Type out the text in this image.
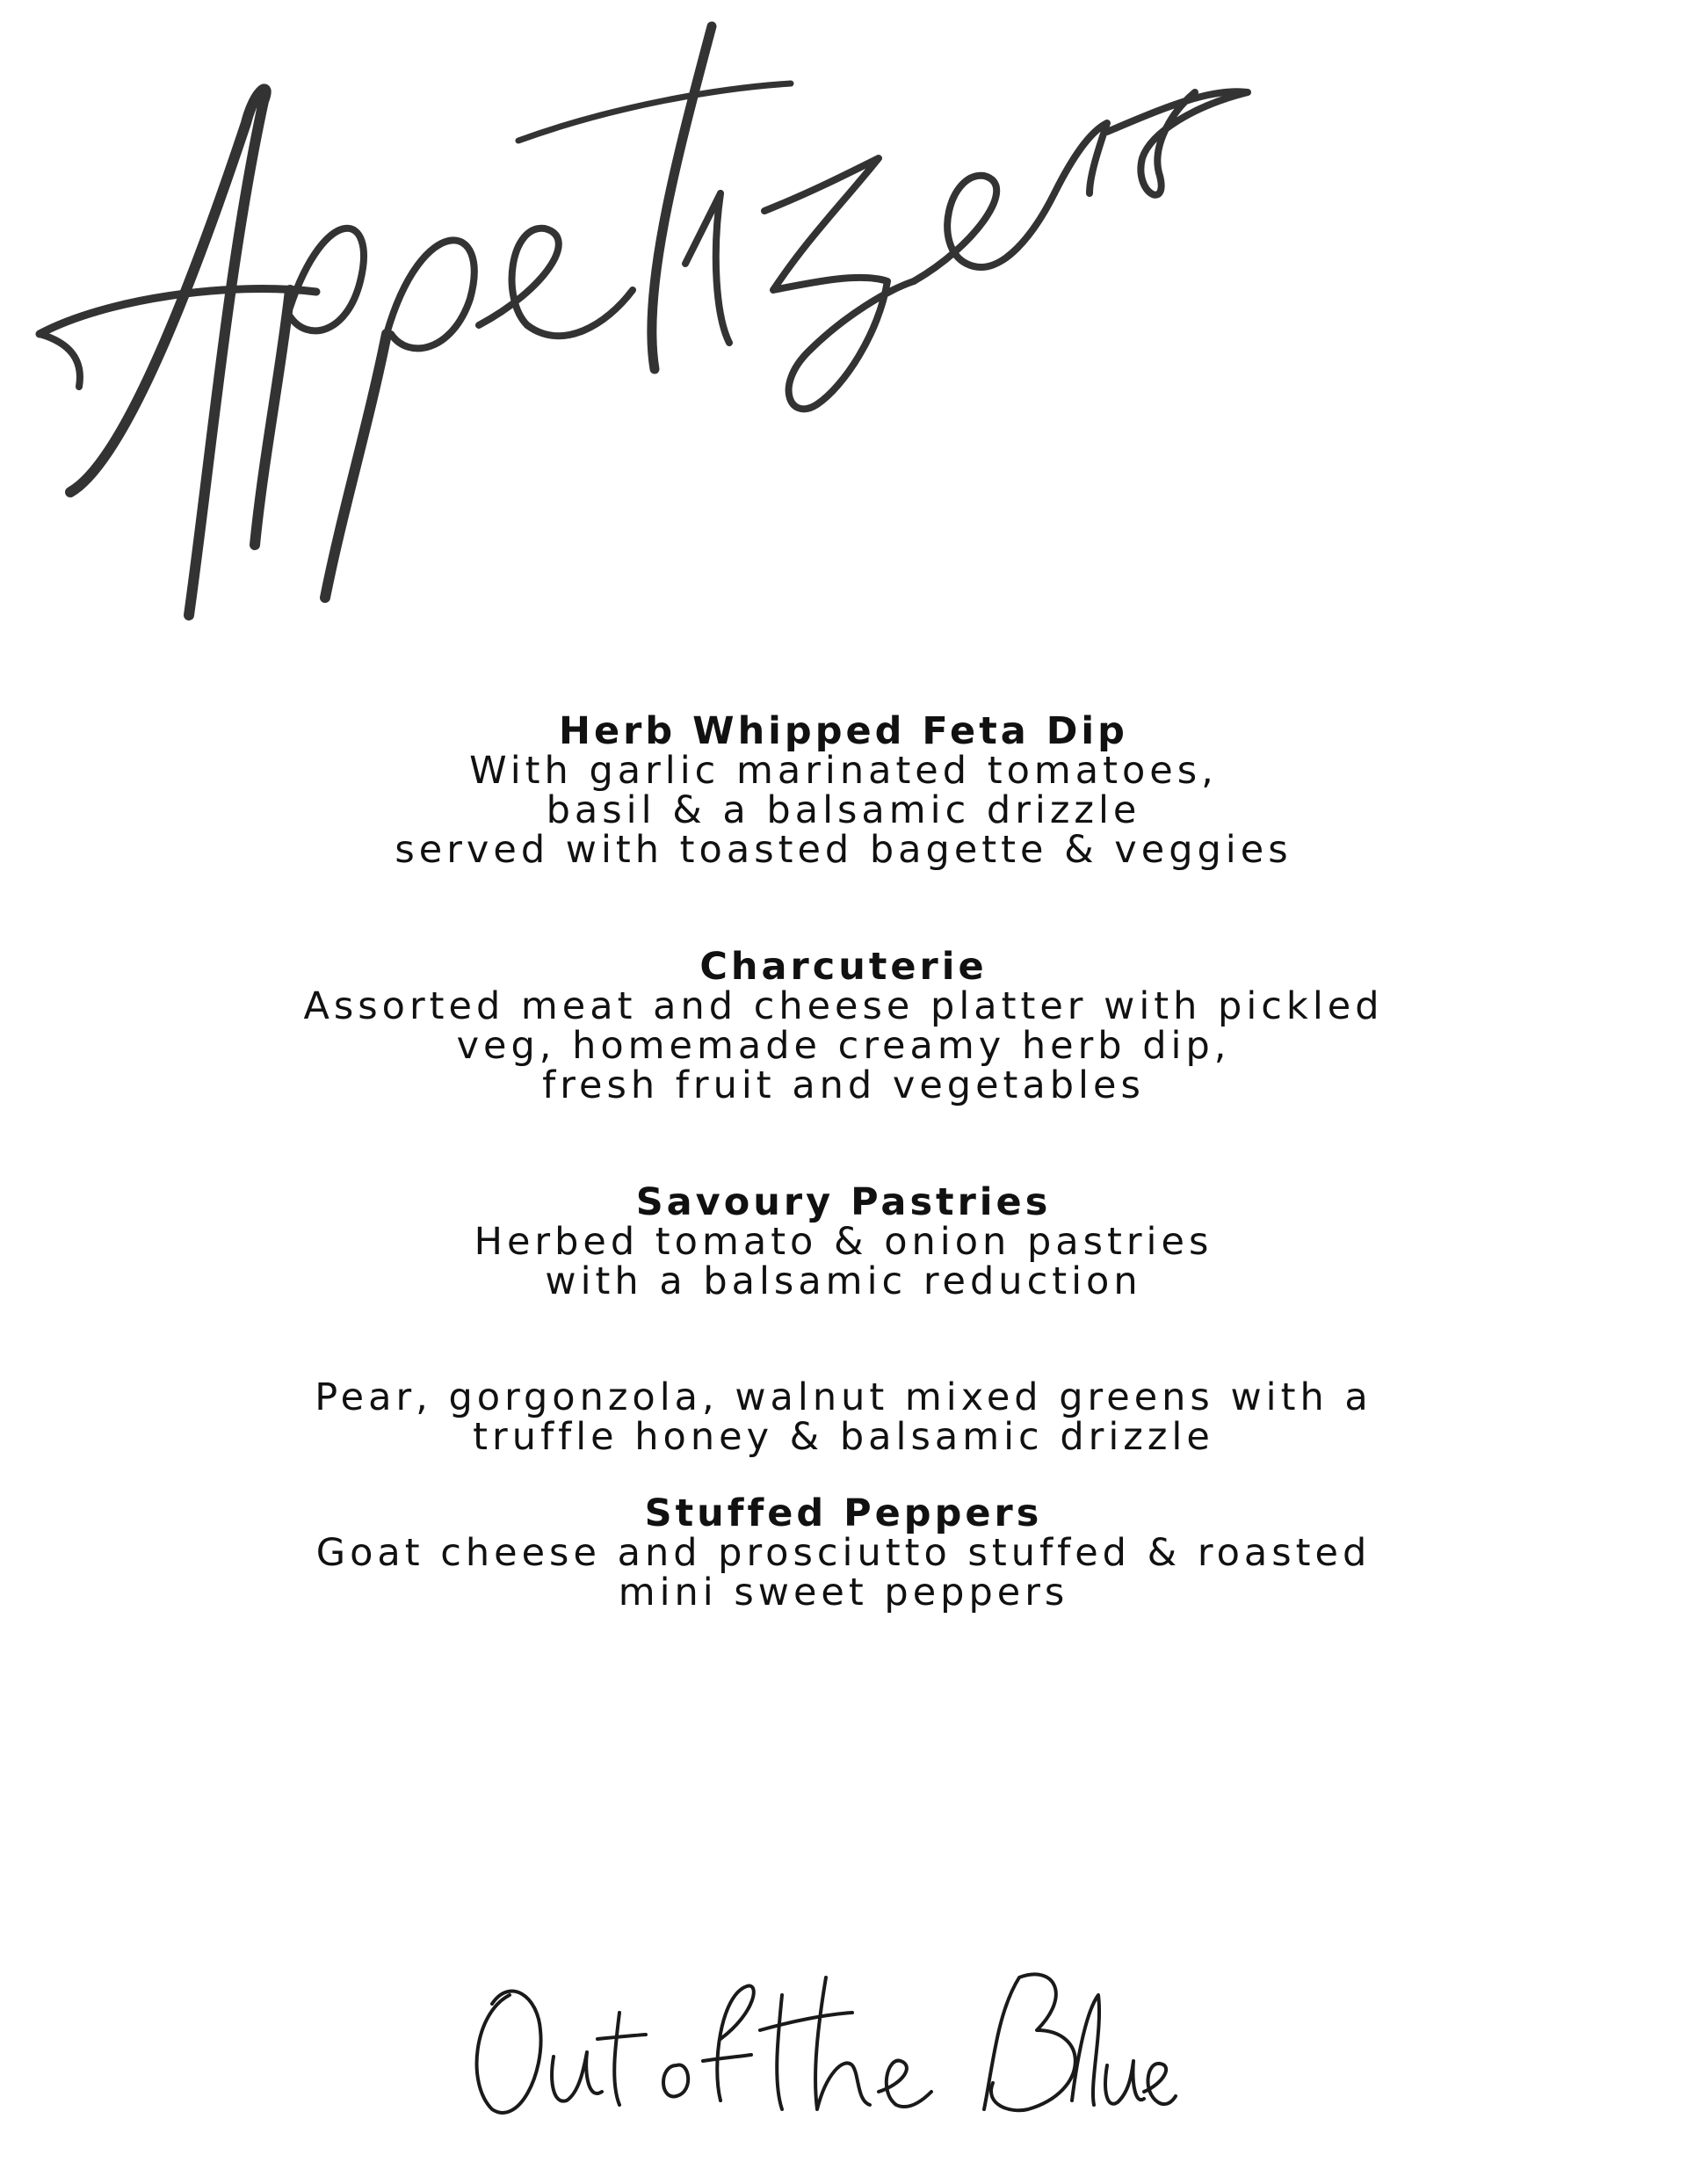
Herb Whipped Feta Dip
With garlic marinated tomatoes,
basil & a balsamic drizzle
served with toasted bagette & veggies
Charcuterie
Assorted meat and cheese platter with pickled
veg, homemade creamy herb dip,
fresh fruit and vegetables
Savoury Pastries
Herbed tomato & onion pastries
with a balsamic reduction
Pear, gorgonzola, walnut mixed greens with a
truffle honey & balsamic drizzle
Stuffed Peppers
Goat cheese and prosciutto stuffed & roasted
mini sweet peppers
